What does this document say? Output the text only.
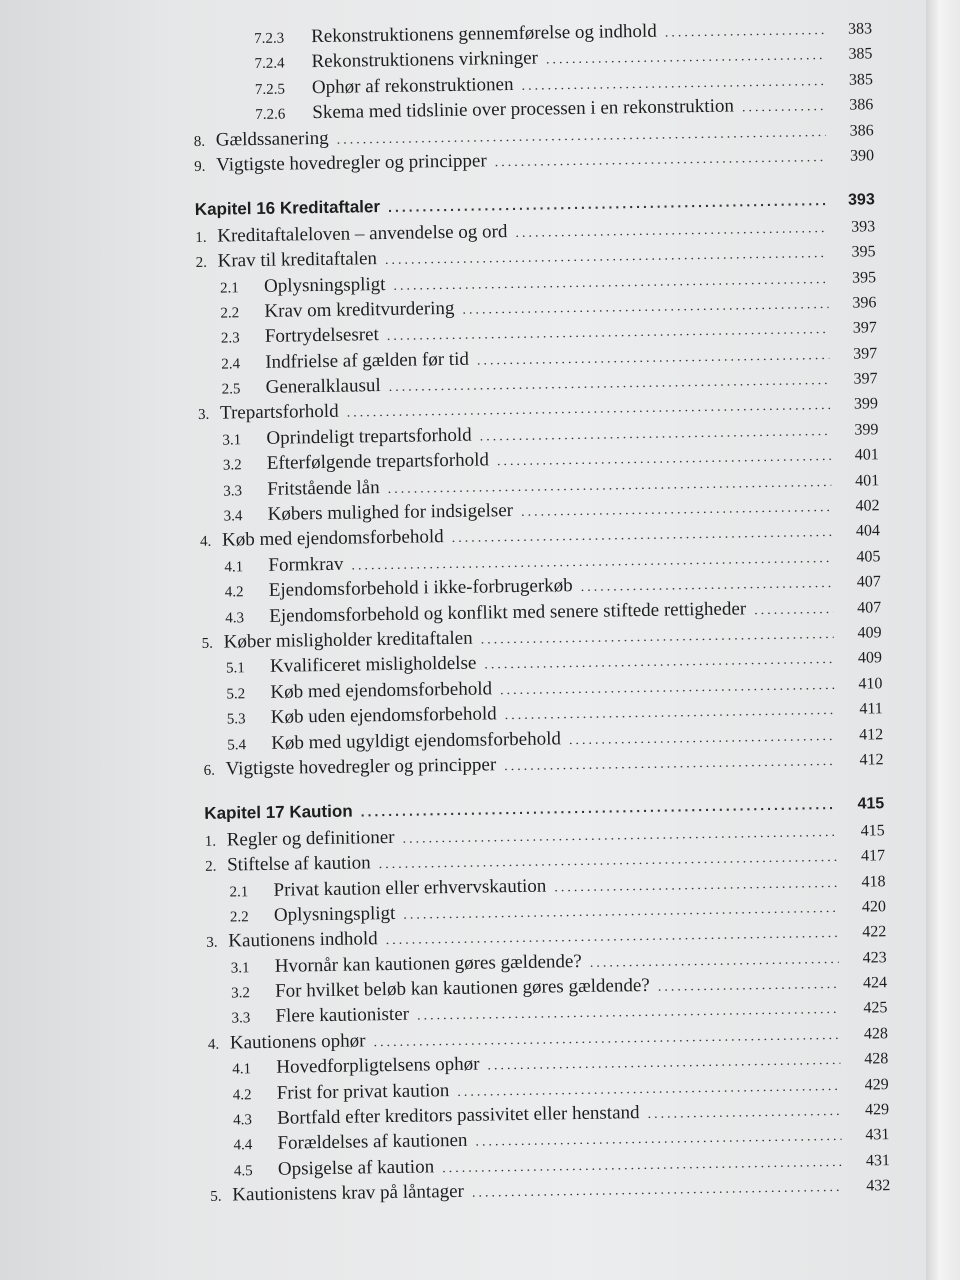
7.2.3	Rekonstruktionens gennemførelse og indhold .....	383
7.2.4	Rekonstruktionens virkninger .....	385
7.2.5	Ophør af rekonstruktionen .....	385
7.2.6	Skema med tidslinie over processen i en rekonstruktion .....	386
8. Gældssanering .....	386
9. Vigtigste hovedregler og principper .....	390
Kapitel 16 Kreditaftaler .....	393
1. Kreditaftaleloven – anvendelse og ord .....	393
2. Krav til kreditaftalen .....	395
2.1	Oplysningspligt .....	395
2.2	Krav om kreditvurdering .....	396
2.3	Fortrydelsesret .....	397
2.4	Indfrielse af gælden før tid .....	397
2.5	Generalklausul .....	397
3. Trepartsforhold .....	399
3.1	Oprindeligt trepartsforhold .....	399
3.2	Efterfølgende trepartsforhold .....	401
3.3	Fritstående lån .....	401
3.4	Købers mulighed for indsigelser .....	402
4. Køb med ejendomsforbehold .....	404
4.1	Formkrav .....	405
4.2	Ejendomsforbehold i ikke-forbrugerkøb .....	407
4.3	Ejendomsforbehold og konflikt med senere stiftede rettigheder .....	407
5. Køber misligholder kreditaftalen .....	409
5.1	Kvalificeret misligholdelse .....	409
5.2	Køb med ejendomsforbehold .....	410
5.3	Køb uden ejendomsforbehold .....	411
5.4	Køb med ugyldigt ejendomsforbehold .....	412
6. Vigtigste hovedregler og principper .....	412
Kapitel 17 Kaution .....	415
1. Regler og definitioner .....	415
2. Stiftelse af kaution .....	417
2.1	Privat kaution eller erhvervskaution .....	418
2.2	Oplysningspligt .....	420
3. Kautionens indhold .....	422
3.1	Hvornår kan kautionen gøres gældende? .....	423
3.2	For hvilket beløb kan kautionen gøres gældende? .....	424
3.3	Flere kautionister .....	425
4. Kautionens ophør .....	428
4.1	Hovedforpligtelsens ophør .....	428
4.2	Frist for privat kaution .....	429
4.3	Bortfald efter kreditors passivitet eller henstand .....	429
4.4	Forældelses af kautionen .....	431
4.5	Opsigelse af kaution .....	431
5. Kautionistens krav på låntager .....	432
